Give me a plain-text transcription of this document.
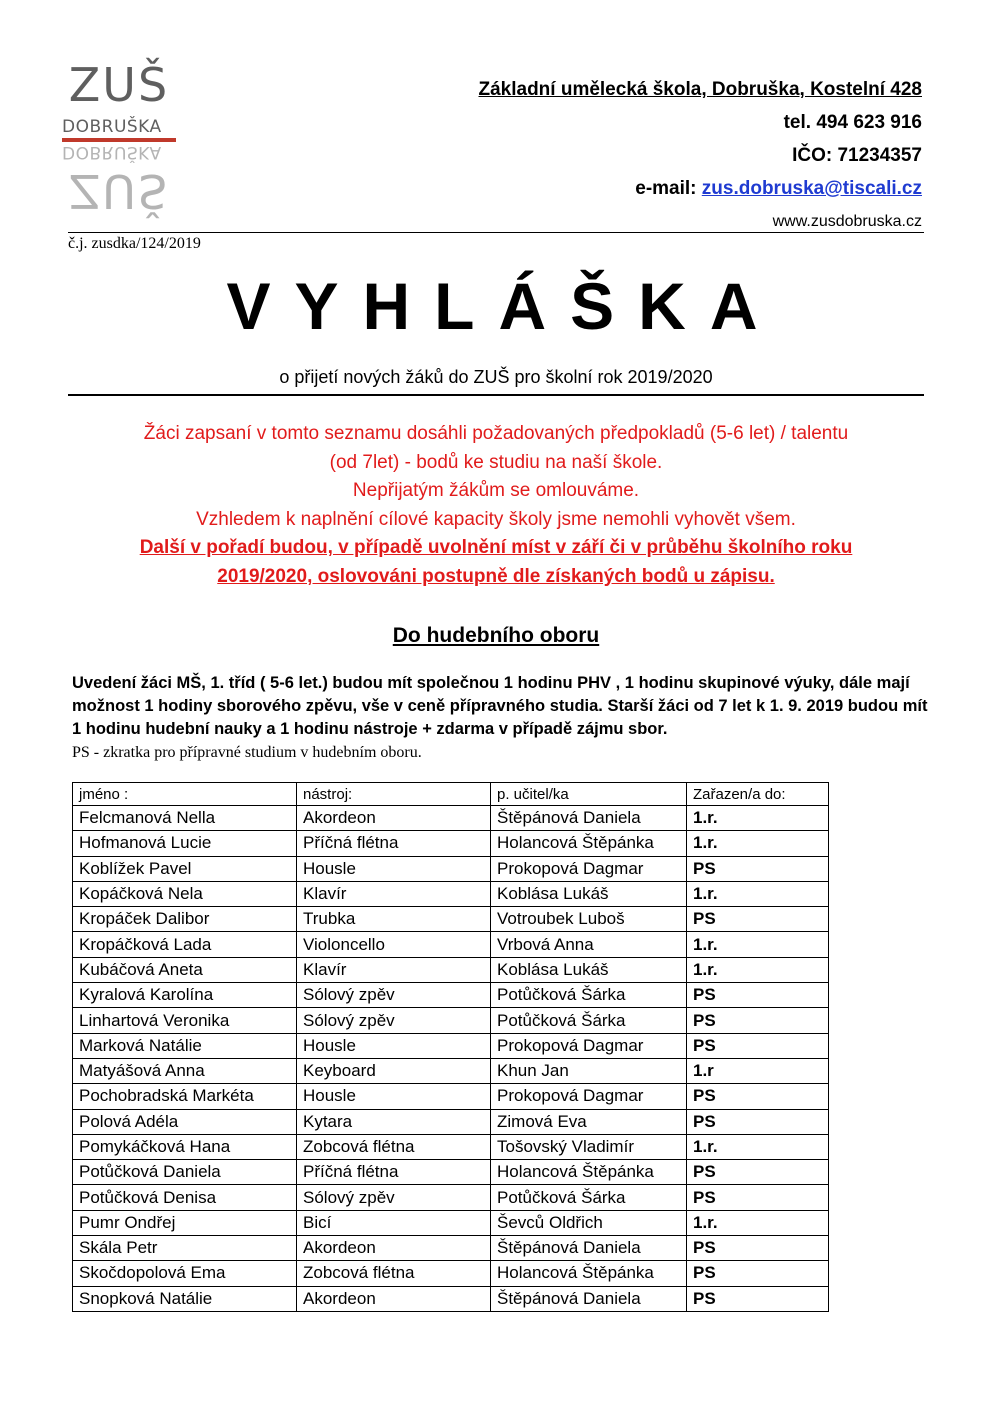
ZUŠ
DOBRUŠKA
DOBRUŠKA
ZUŠ
Základní umělecká škola, Dobruška, Kostelní 428
tel. 494 623 916
IČO: 71234357
e-mail: zus.dobruska@tiscali.cz
www.zusdobruska.cz
č.j. zusdka/124/2019
VYHLÁŠKA
o přijetí nových žáků do ZUŠ pro školní rok 2019/2020
Žáci zapsaní v tomto seznamu dosáhli požadovaných předpokladů (5-6 let) / talentu
(od 7let) - bodů ke studiu na naší škole.
Nepřijatým žákům se omlouváme.
Vzhledem k naplnění cílové kapacity školy jsme nemohli vyhovět všem.
Další v pořadí budou, v případě uvolnění míst v září či v průběhu školního roku
2019/2020, oslovováni postupně dle získaných bodů u zápisu.
Do hudebního oboru
Uvedení žáci MŠ, 1. tříd ( 5-6 let.) budou mít společnou 1 hodinu PHV , 1 hodinu skupinové výuky, dále mají možnost 1 hodiny sborového zpěvu, vše v ceně přípravného studia. Starší žáci od 7 let k 1. 9. 2019 budou mít 1 hodinu hudební nauky a 1 hodinu nástroje + zdarma v případě zájmu sbor.
PS - zkratka pro přípravné studium v hudebním oboru.
jméno :	nástroj:	p. učitel/ka	Zařazen/a do:
Felcmanová Nella	Akordeon	Štěpánová Daniela	1.r.
Hofmanová Lucie	Příčná flétna	Holancová Štěpánka	1.r.
Koblížek Pavel	Housle	Prokopová Dagmar	PS
Kopáčková Nela	Klavír	Koblása Lukáš	1.r.
Kropáček Dalibor	Trubka	Votroubek Luboš	PS
Kropáčková Lada	Violoncello	Vrbová Anna	1.r.
Kubáčová Aneta	Klavír	Koblása Lukáš	1.r.
Kyralová Karolína	Sólový zpěv	Potůčková Šárka	PS
Linhartová Veronika	Sólový zpěv	Potůčková Šárka	PS
Marková Natálie	Housle	Prokopová Dagmar	PS
Matyášová Anna	Keyboard	Khun Jan	1.r
Pochobradská Markéta	Housle	Prokopová Dagmar	PS
Polová Adéla	Kytara	Zimová Eva	PS
Pomykáčková Hana	Zobcová flétna	Tošovský Vladimír	1.r.
Potůčková Daniela	Příčná flétna	Holancová Štěpánka	PS
Potůčková Denisa	Sólový zpěv	Potůčková Šárka	PS
Pumr Ondřej	Bicí	Ševců Oldřich	1.r.
Skála Petr	Akordeon	Štěpánová Daniela	PS
Skočdopolová Ema	Zobcová flétna	Holancová Štěpánka	PS
Snopková Natálie	Akordeon	Štěpánová Daniela	PS
